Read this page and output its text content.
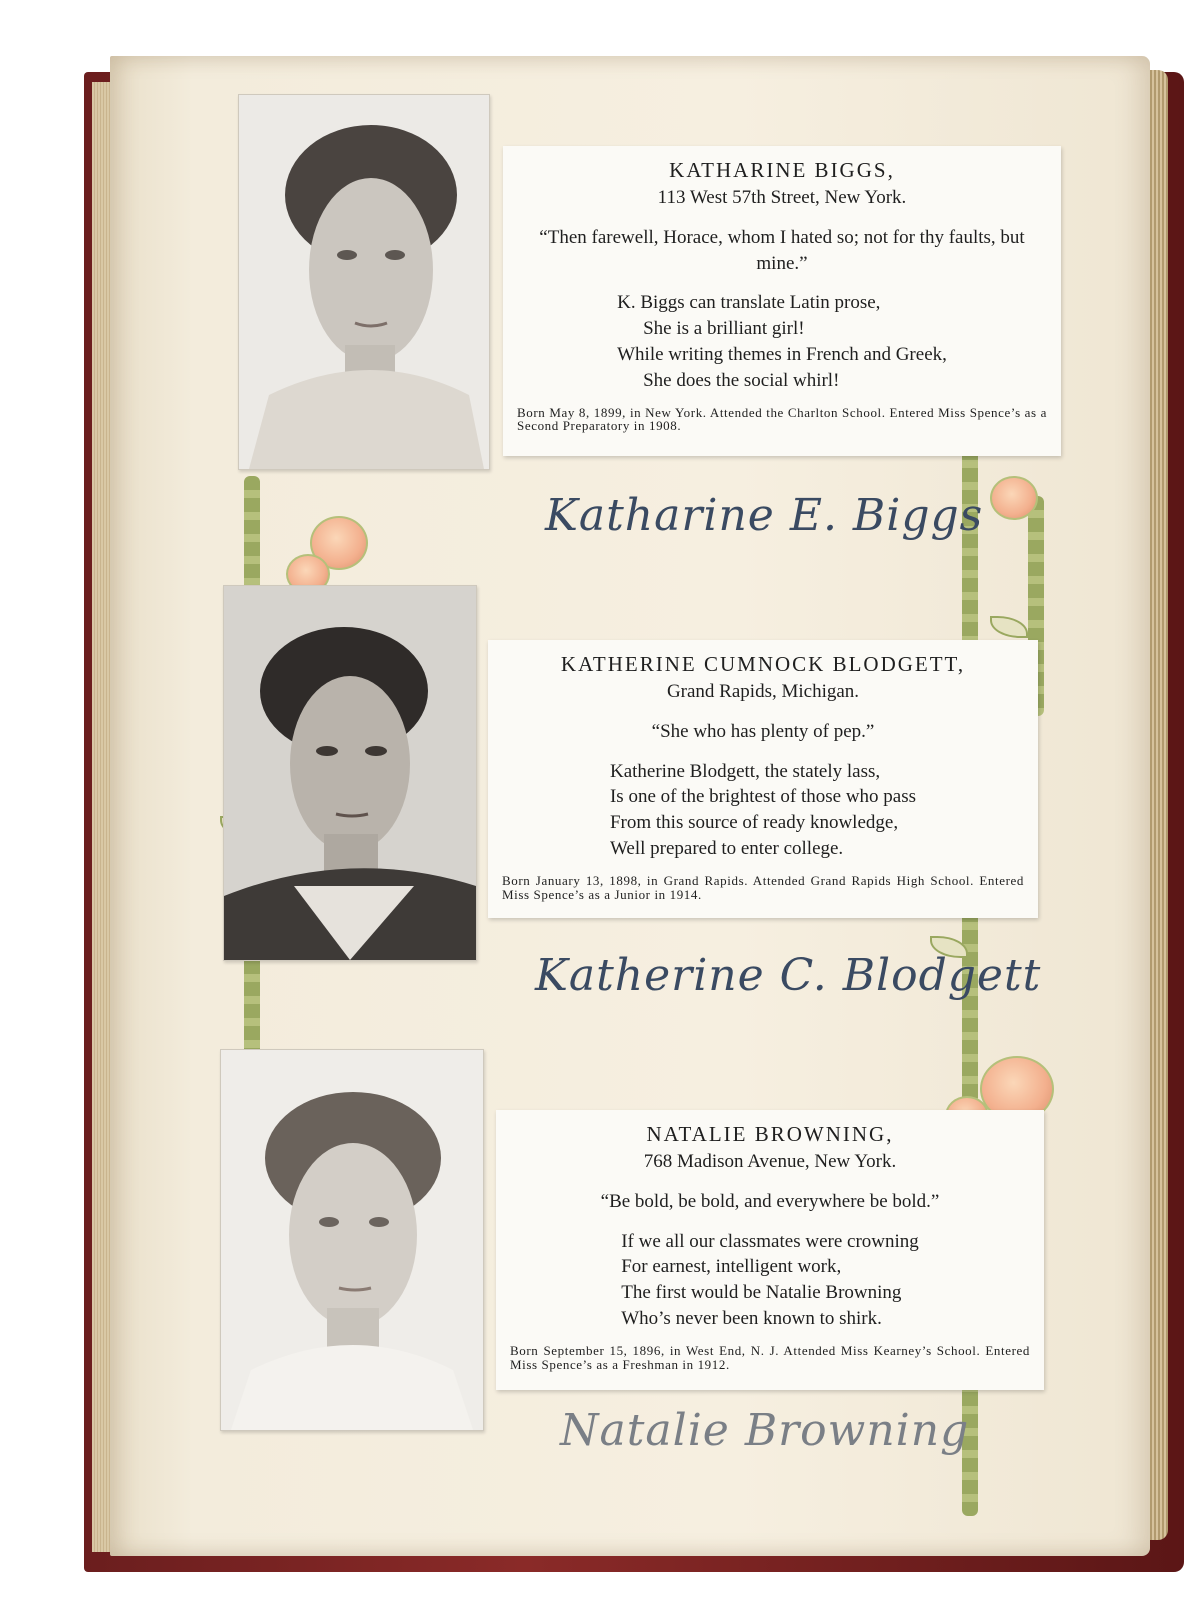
KATHARINE BIGGS,
113 West 57th Street, New York.
“Then farewell, Horace, whom I hated so; not for thy faults, but mine.”
K. Biggs can translate Latin prose,
She is a brilliant girl!
While writing themes in French and Greek,
She does the social whirl!
Born May 8, 1899, in New York. Attended the Charlton School. Entered Miss Spence’s as a Second Preparatory in 1908.
Katharine E. Biggs
KATHERINE CUMNOCK BLODGETT,
Grand Rapids, Michigan.
“She who has plenty of pep.”
Katherine Blodgett, the stately lass,
Is one of the brightest of those who pass
From this source of ready knowledge,
Well prepared to enter college.
Born January 13, 1898, in Grand Rapids. Attended Grand Rapids High School. Entered Miss Spence’s as a Junior in 1914.
Katherine C. Blodgett
NATALIE BROWNING,
768 Madison Avenue, New York.
“Be bold, be bold, and everywhere be bold.”
If we all our classmates were crowning
For earnest, intelligent work,
The first would be Natalie Browning
Who’s never been known to shirk.
Born September 15, 1896, in West End, N. J. Attended Miss Kearney’s School. Entered Miss Spence’s as a Freshman in 1912.
Natalie Browning
